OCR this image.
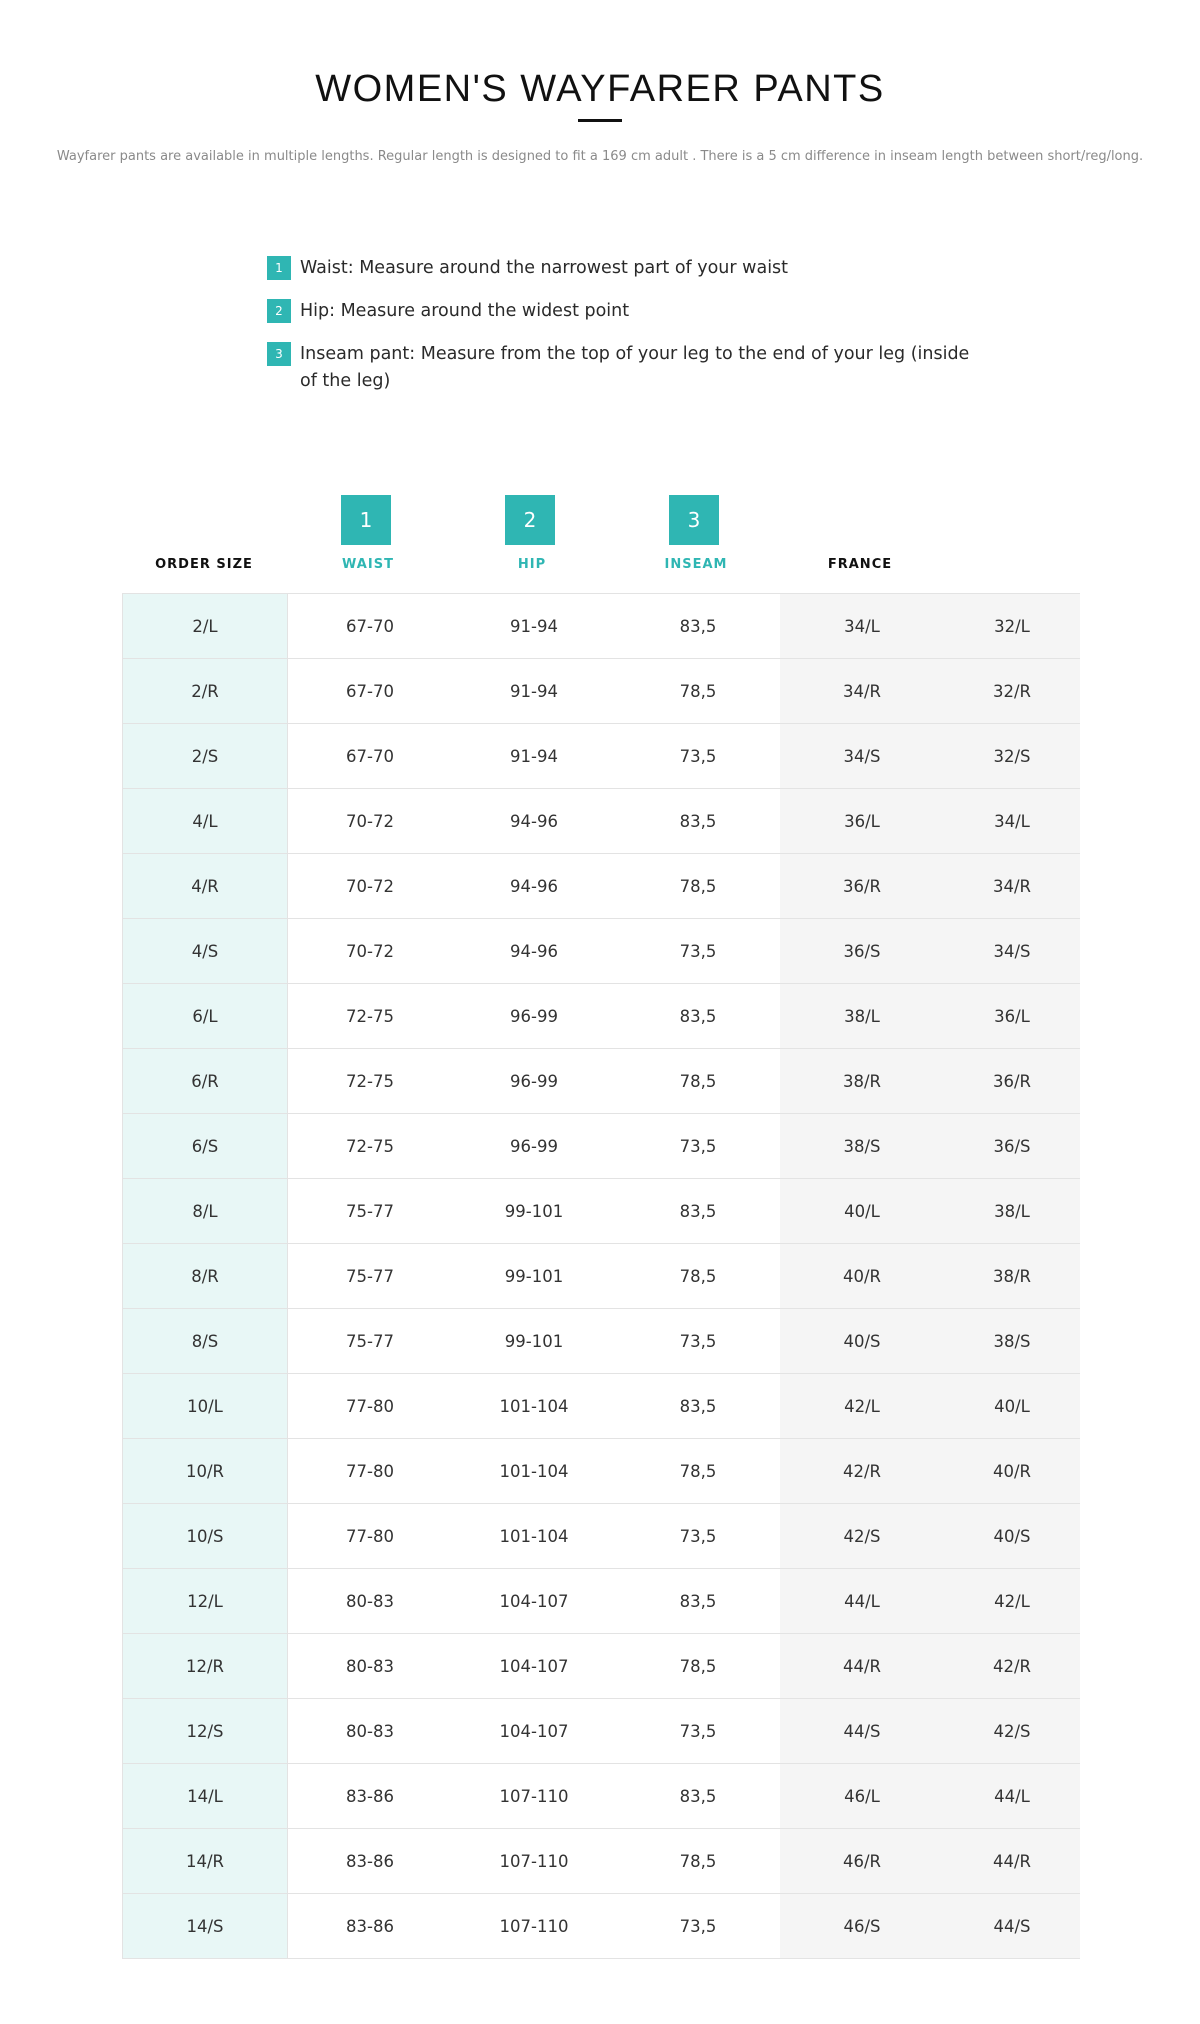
WOMEN'S WAYFARER PANTS
Wayfarer pants are available in multiple lengths. Regular length is designed to fit a 169 cm adult . There is a 5 cm difference in inseam length between short/reg/long.
1 Waist: Measure around the narrowest part of your waist
2 Hip: Measure around the widest point
3 Inseam pant: Measure from the top of your leg to the end of your leg (inside of the leg)
1	2	3
ORDER SIZE	WAIST	HIP	INSEAM	FRANCE
2/L	67-70	91-94	83,5	34/L	32/L
2/R	67-70	91-94	78,5	34/R	32/R
2/S	67-70	91-94	73,5	34/S	32/S
4/L	70-72	94-96	83,5	36/L	34/L
4/R	70-72	94-96	78,5	36/R	34/R
4/S	70-72	94-96	73,5	36/S	34/S
6/L	72-75	96-99	83,5	38/L	36/L
6/R	72-75	96-99	78,5	38/R	36/R
6/S	72-75	96-99	73,5	38/S	36/S
8/L	75-77	99-101	83,5	40/L	38/L
8/R	75-77	99-101	78,5	40/R	38/R
8/S	75-77	99-101	73,5	40/S	38/S
10/L	77-80	101-104	83,5	42/L	40/L
10/R	77-80	101-104	78,5	42/R	40/R
10/S	77-80	101-104	73,5	42/S	40/S
12/L	80-83	104-107	83,5	44/L	42/L
12/R	80-83	104-107	78,5	44/R	42/R
12/S	80-83	104-107	73,5	44/S	42/S
14/L	83-86	107-110	83,5	46/L	44/L
14/R	83-86	107-110	78,5	46/R	44/R
14/S	83-86	107-110	73,5	46/S	44/S
